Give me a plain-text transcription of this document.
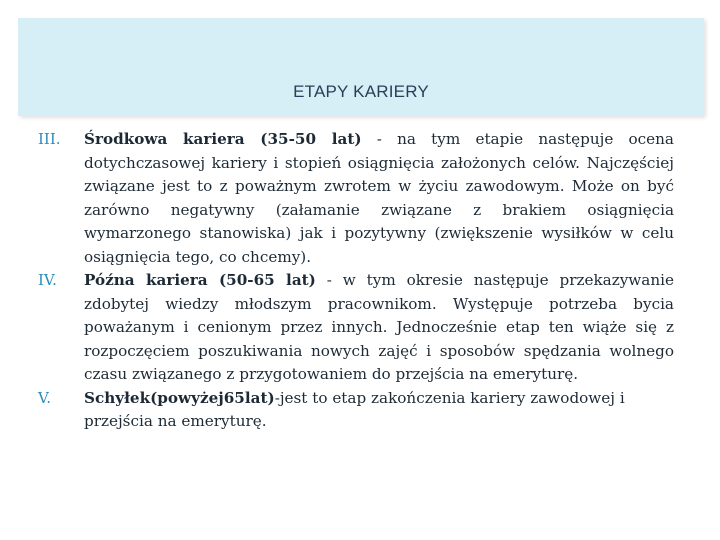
ETAPY KARIERY
III. Środkowa kariera (35-50 lat) - na tym etapie następuje ocena dotychczasowej kariery i stopień osiągnięcia założonych celów. Najczęściej związane jest to z poważnym zwrotem w życiu zawodowym. Może on być zarówno negatywny (załamanie związane z brakiem osiągnięcia wymarzonego stanowiska) jak i pozytywny (zwiększenie wysiłków w celu osiągnięcia tego, co chcemy).
IV. Późna kariera (50-65 lat) - w tym okresie następuje przekazywanie zdobytej wiedzy młodszym pracownikom. Występuje potrzeba bycia poważanym i cenionym przez innych. Jednocześnie etap ten wiąże się z rozpoczęciem poszukiwania nowych zajęć i sposobów spędzania wolnego czasu związanego z przygotowaniem do przejścia na emeryturę.
V. Schyłek(powyżej65lat)-jest to etap zakończenia kariery zawodowej i przejścia na emeryturę.
